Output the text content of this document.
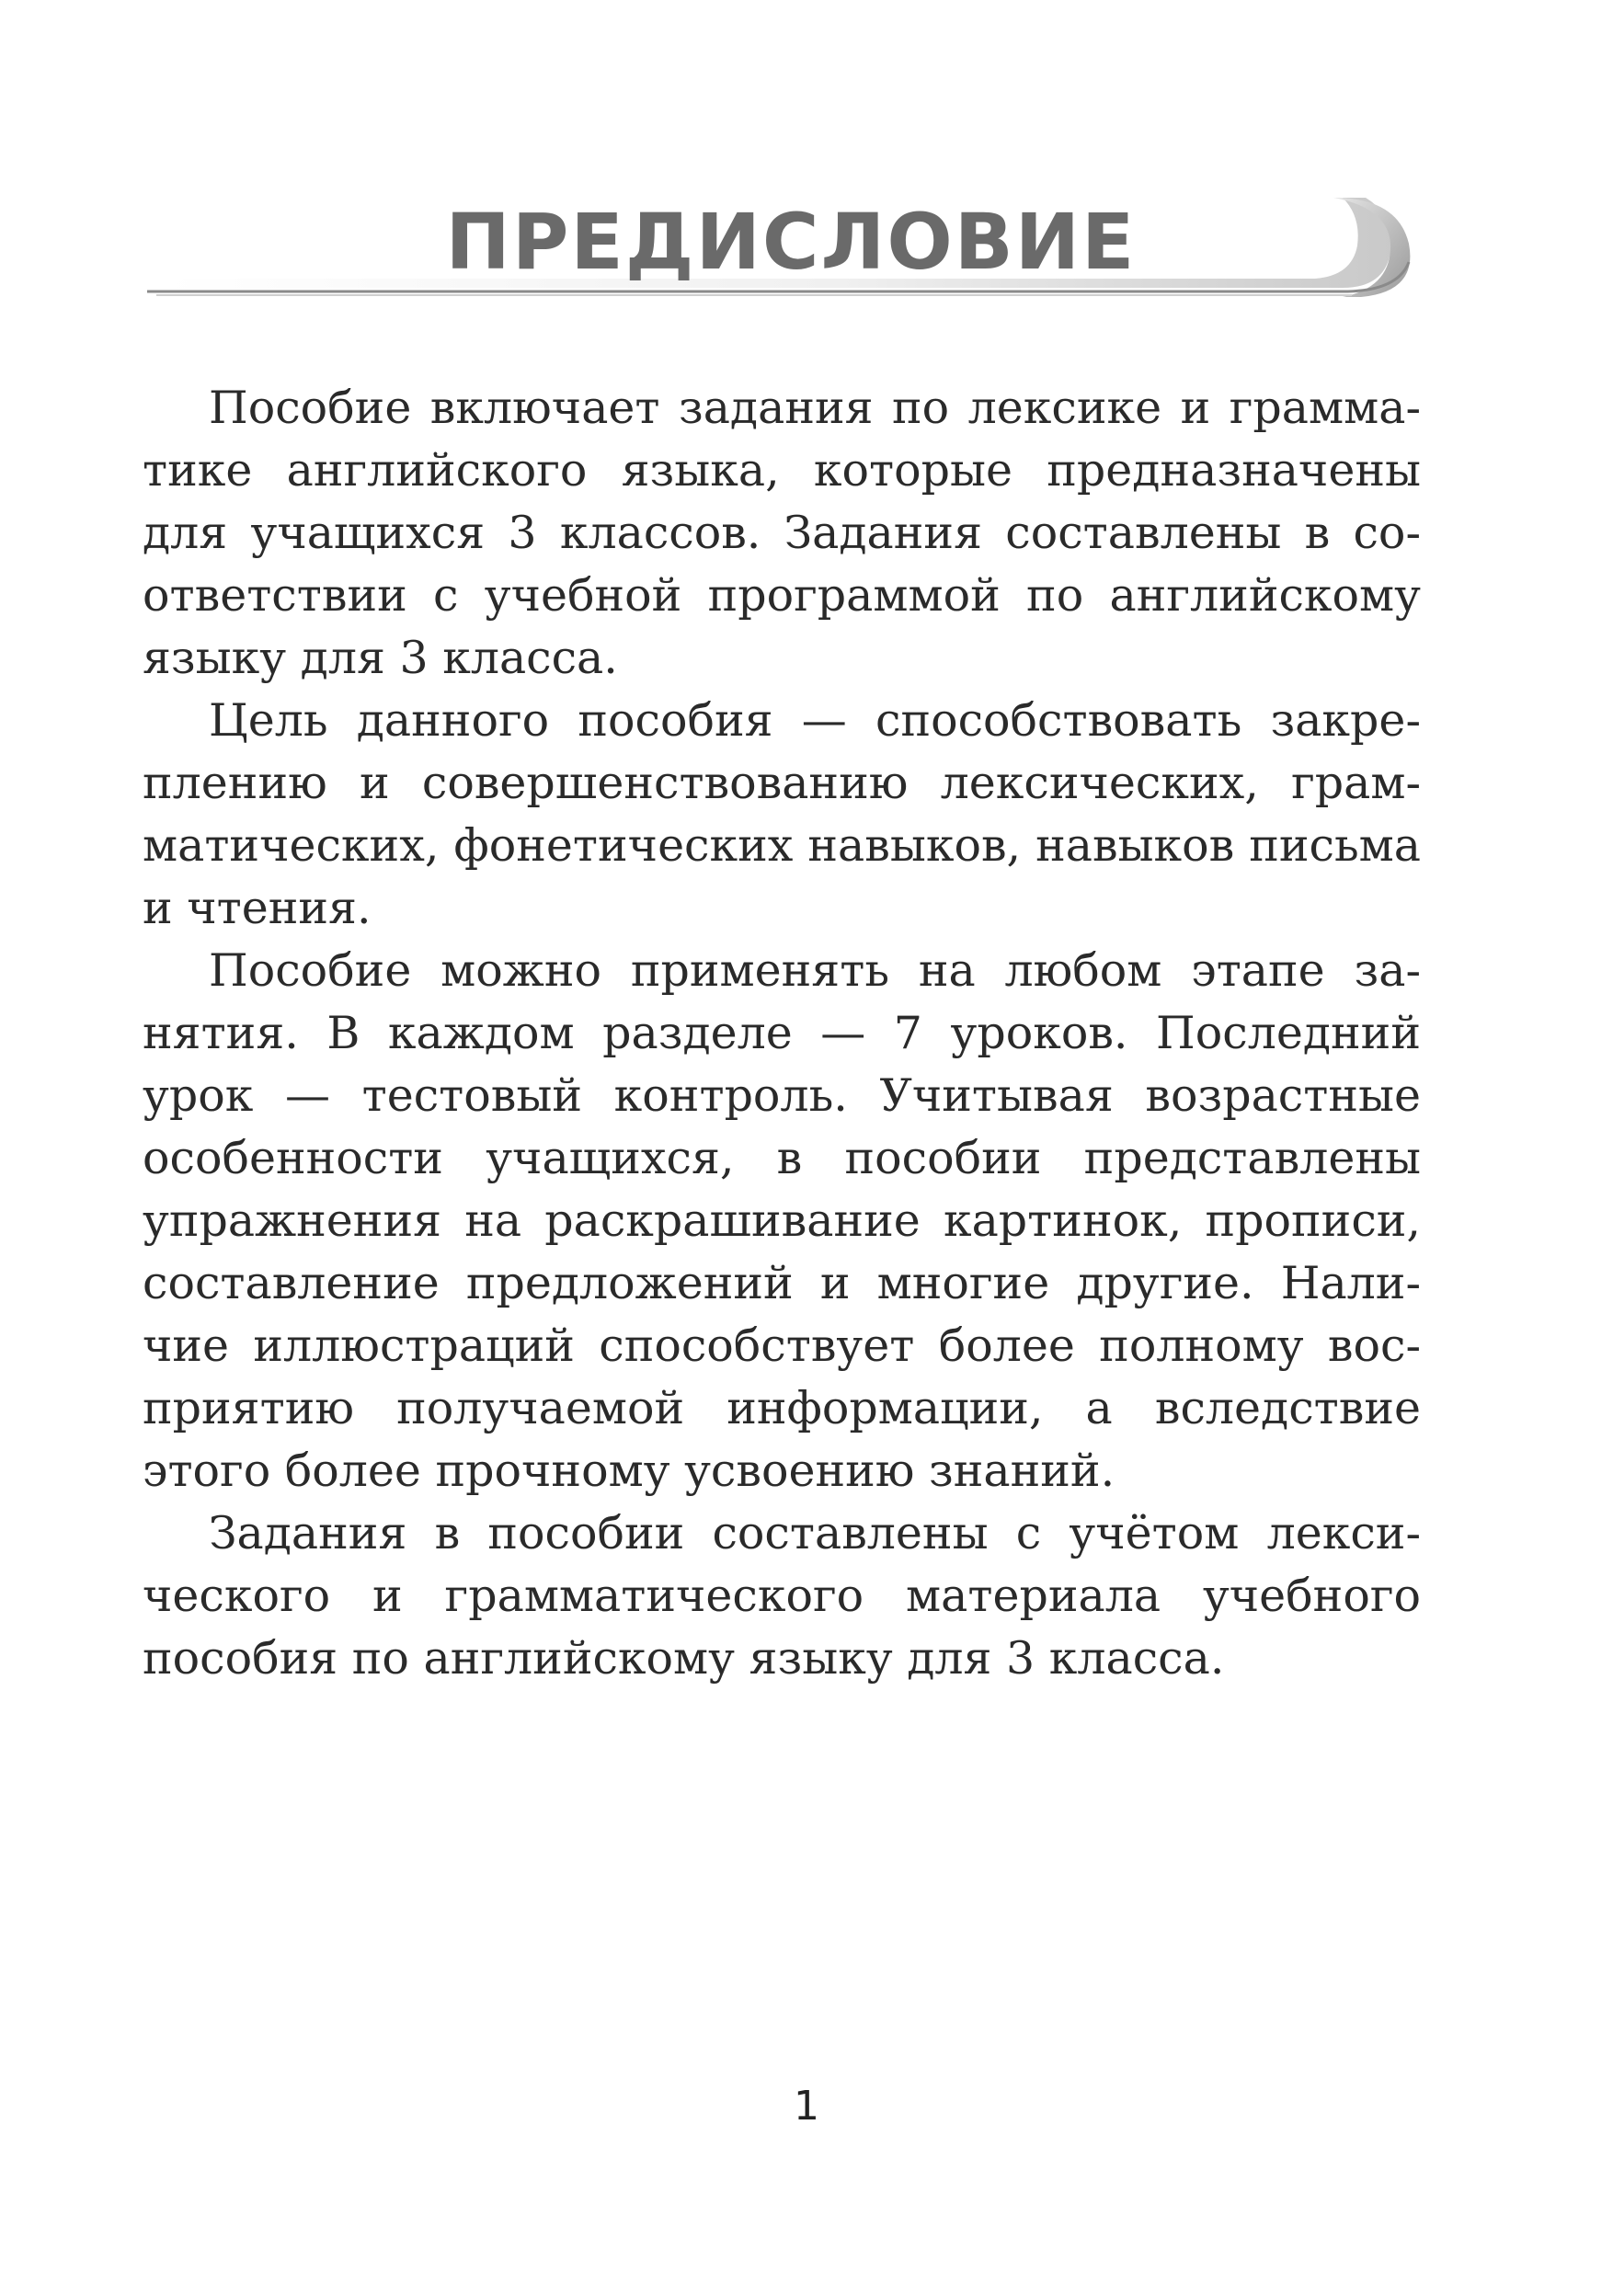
ПРЕДИСЛОВИЕ

Пособие включает задания по лексике и грамматике английского языка, которые предназначены для учащихся 3 классов. Задания составлены в соответствии с учебной программой по английскому языку для 3 класса.

Цель данного пособия — способствовать закреплению и совершенствованию лексических, грамматических, фонетических навыков, навыков письма и чтения.

Пособие можно применять на любом этапе занятия. В каждом разделе — 7 уроков. Последний урок — тестовый контроль. Учитывая возрастные особенности учащихся, в пособии представлены упражнения на раскрашивание картинок, прописи, составление предложений и многие другие. Наличие иллюстраций способствует более полному восприятию получаемой информации, а вследствие этого более прочному усвоению знаний.

Задания в пособии составлены с учётом лексического и грамматического материала учебного пособия по английскому языку для 3 класса.

1
